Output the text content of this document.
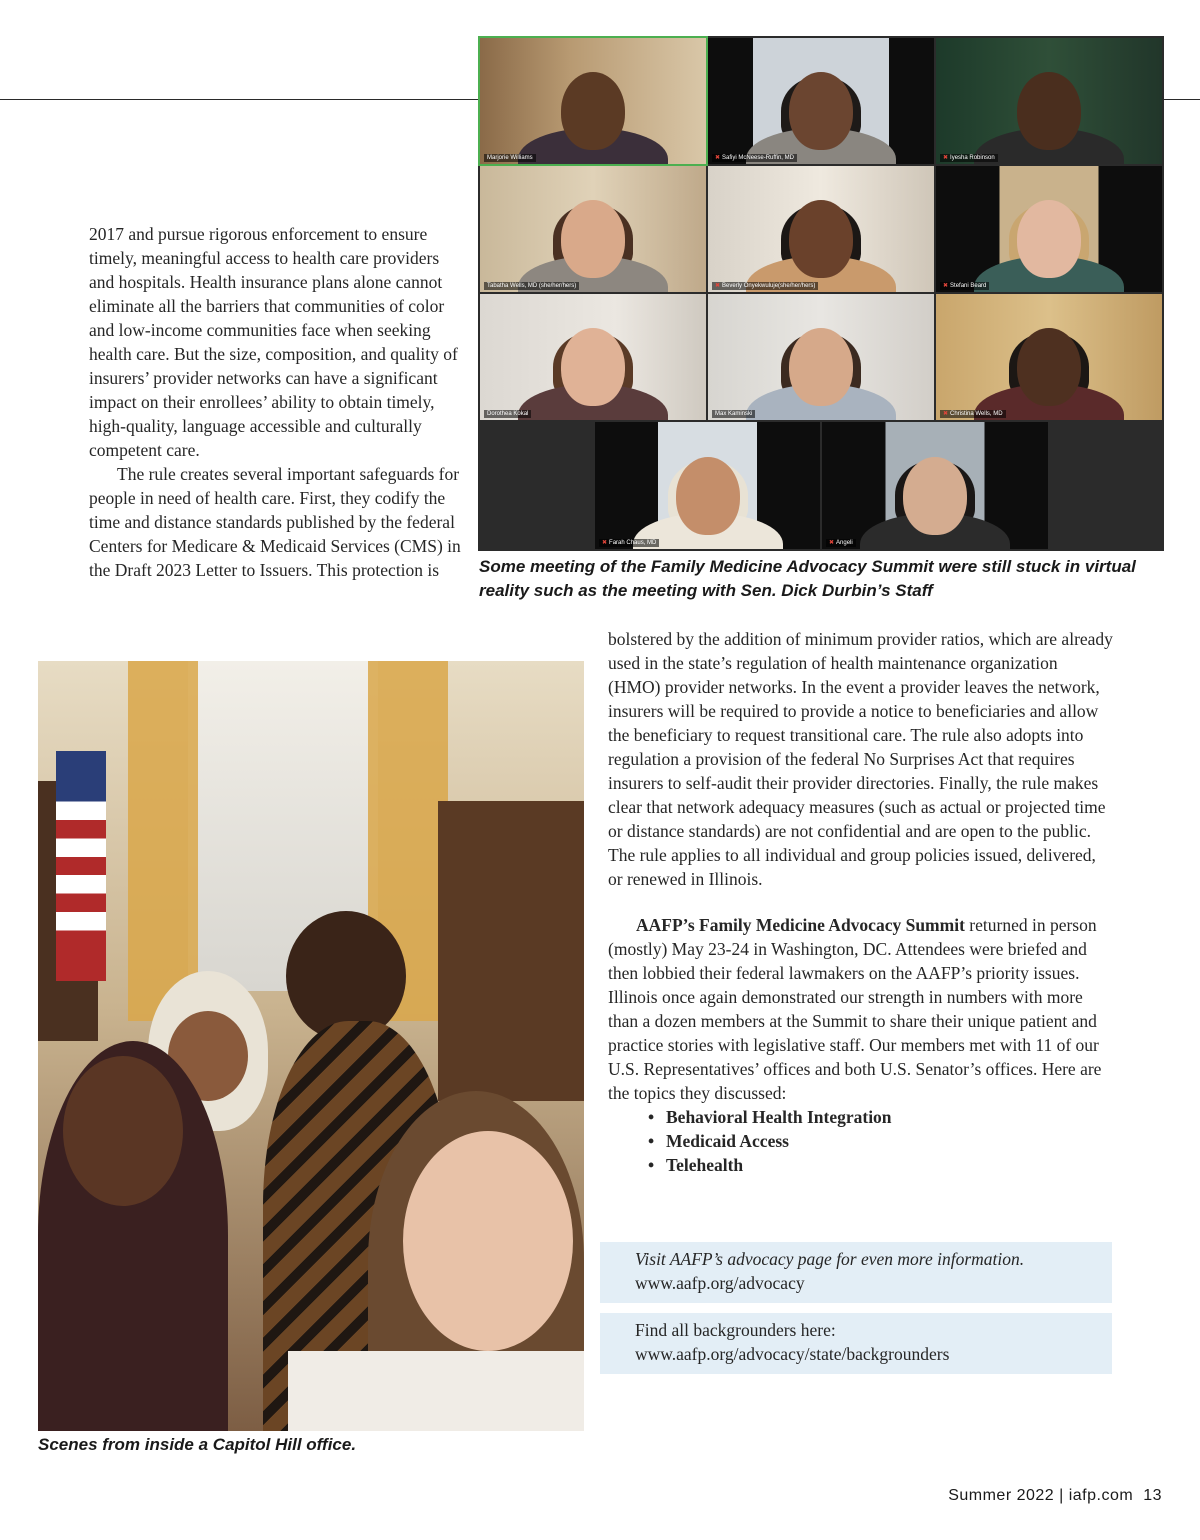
Marjorie Williams	✖ Safiyi McNeese-Ruffin, MD	✖ Iyesha Robinson
Tabatha Wells, MD (she/her/hers)	✖ Beverly Onyekwuluje(she/her/hers)	✖ Stefani Beard
Dorothea Kokal	Max Kaminski	✖ Christina Wells, MD
✖ Farah Chaus, MD	✖ Angeli
Some meeting of the Family Medicine Advocacy Summit were still stuck in virtual reality such as the meeting with Sen. Dick Durbin’s Staff

2017 and pursue rigorous enforcement to ensure timely, meaningful access to health care providers and hospitals. Health insurance plans alone cannot eliminate all the barriers that communities of color and low-income communities face when seeking health care. But the size, composition, and quality of insurers’ provider networks can have a significant impact on their enrollees’ ability to obtain timely, high-quality, language accessible and culturally competent care.

The rule creates several important safeguards for people in need of health care. First, they codify the time and distance standards published by the federal Centers for Medicare & Medicaid Services (CMS) in the Draft 2023 Letter to Issuers. This protection is

Scenes from inside a Capitol Hill office.

bolstered by the addition of minimum provider ratios, which are already used in the state’s regulation of health maintenance organization (HMO) provider networks. In the event a provider leaves the network, insurers will be required to provide a notice to beneficiaries and allow the beneficiary to request transitional care. The rule also adopts into regulation a provision of the federal No Surprises Act that requires insurers to self-audit their provider directories. Finally, the rule makes clear that network adequacy measures (such as actual or projected time or distance standards) are not confidential and are open to the public.

The rule applies to all individual and group policies issued, delivered, or renewed in Illinois.

AAFP’s Family Medicine Advocacy Summit returned in person (mostly) May 23-24 in Washington, DC. Attendees were briefed and then lobbied their federal lawmakers on the AAFP’s priority issues. Illinois once again demonstrated our strength in numbers with more than a dozen members at the Summit to share their unique patient and practice stories with legislative staff. Our members met with 11 of our U.S. Representatives’ offices and both U.S. Senator’s offices. Here are the topics they discussed:

• Behavioral Health Integration
• Medicaid Access
• Telehealth
Visit AAFP’s advocacy page for even more information.
www.aafp.org/advocacy
Find all backgrounders here:
www.aafp.org/advocacy/state/backgrounders
Summer 2022 | iafp.com 13
